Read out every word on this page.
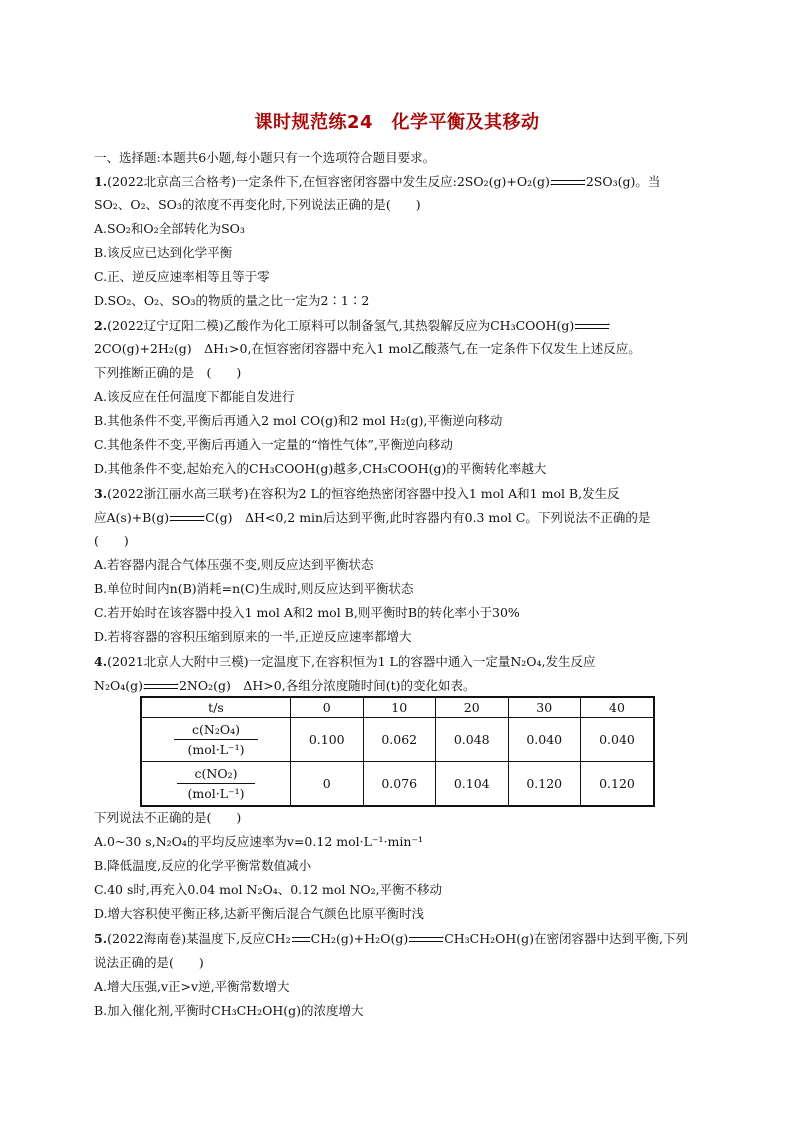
课时规范练24　化学平衡及其移动
一、选择题:本题共6小题,每小题只有一个选项符合题目要求。
1.(2022北京高三合格考)一定条件下,在恒容密闭容器中发生反应:2SO₂(g)+O₂(g)	⇀
↽ 2SO₃(g)。当
SO₂、O₂、SO₃的浓度不再变化时,下列说法正确的是(　　)
A.SO₂和O₂全部转化为SO₃
B.该反应已达到化学平衡
C.正、逆反应速率相等且等于零
D.SO₂、O₂、SO₃的物质的量之比一定为2∶1∶2
2.(2022辽宁辽阳二模)乙酸作为化工原料可以制备氢气,其热裂解反应为CH₃COOH(g)	⇀
↽
2CO(g)+2H₂(g)　ΔH₁>0,在恒容密闭容器中充入1 mol乙酸蒸气,在一定条件下仅发生上述反应。
下列推断正确的是　(　　)
A.该反应在任何温度下都能自发进行
B.其他条件不变,平衡后再通入2 mol CO(g)和2 mol H₂(g),平衡逆向移动
C.其他条件不变,平衡后再通入一定量的“惰性气体”,平衡逆向移动
D.其他条件不变,起始充入的CH₃COOH(g)越多,CH₃COOH(g)的平衡转化率越大
3.(2022浙江丽水高三联考)在容积为2 L的恒容绝热密闭容器中投入1 mol A和1 mol B,发生反
应A(s)+B(g)	⇀
↽ C(g)　ΔH<0,2 min后达到平衡,此时容器内有0.3 mol C。下列说法不正确的是
(　　)
A.若容器内混合气体压强不变,则反应达到平衡状态
B.单位时间内n(B)消耗=n(C)生成时,则反应达到平衡状态
C.若开始时在该容器中投入1 mol A和2 mol B,则平衡时B的转化率小于30%
D.若将容器的容积压缩到原来的一半,正逆反应速率都增大
4.(2021北京人大附中三模)一定温度下,在容积恒为1 L的容器中通入一定量N₂O₄,发生反应
N₂O₄(g)	⇀
↽ 2NO₂(g)　ΔH>0,各组分浓度随时间(t)的变化如表。
t/s	0	10	20	30	40

$\frac{\text{c(N₂O₄)}}{\text{(mol·L⁻¹)}}$	0.100	0.062	0.048	0.040	0.040

$\frac{\text{c(NO₂)}}{\text{(mol·L⁻¹)}}$	0	0.076	0.104	0.120	0.120
下列说法不正确的是(　　)
A.0~30 s,N₂O₄的平均反应速率为v=0.12 mol·L⁻¹·min⁻¹
B.降低温度,反应的化学平衡常数值减小
C.40 s时,再充入0.04 mol N₂O₄、0.12 mol NO₂,平衡不移动
D.增大容积使平衡正移,达新平衡后混合气颜色比原平衡时浅
5.(2022海南卷)某温度下,反应CH₂ CH₂(g)+H₂O(g)	⇀
↽ CH₃CH₂OH(g)在密闭容器中达到平衡,下列
说法正确的是(　　)
A.增大压强,v正>v逆,平衡常数增大
B.加入催化剂,平衡时CH₃CH₂OH(g)的浓度增大
